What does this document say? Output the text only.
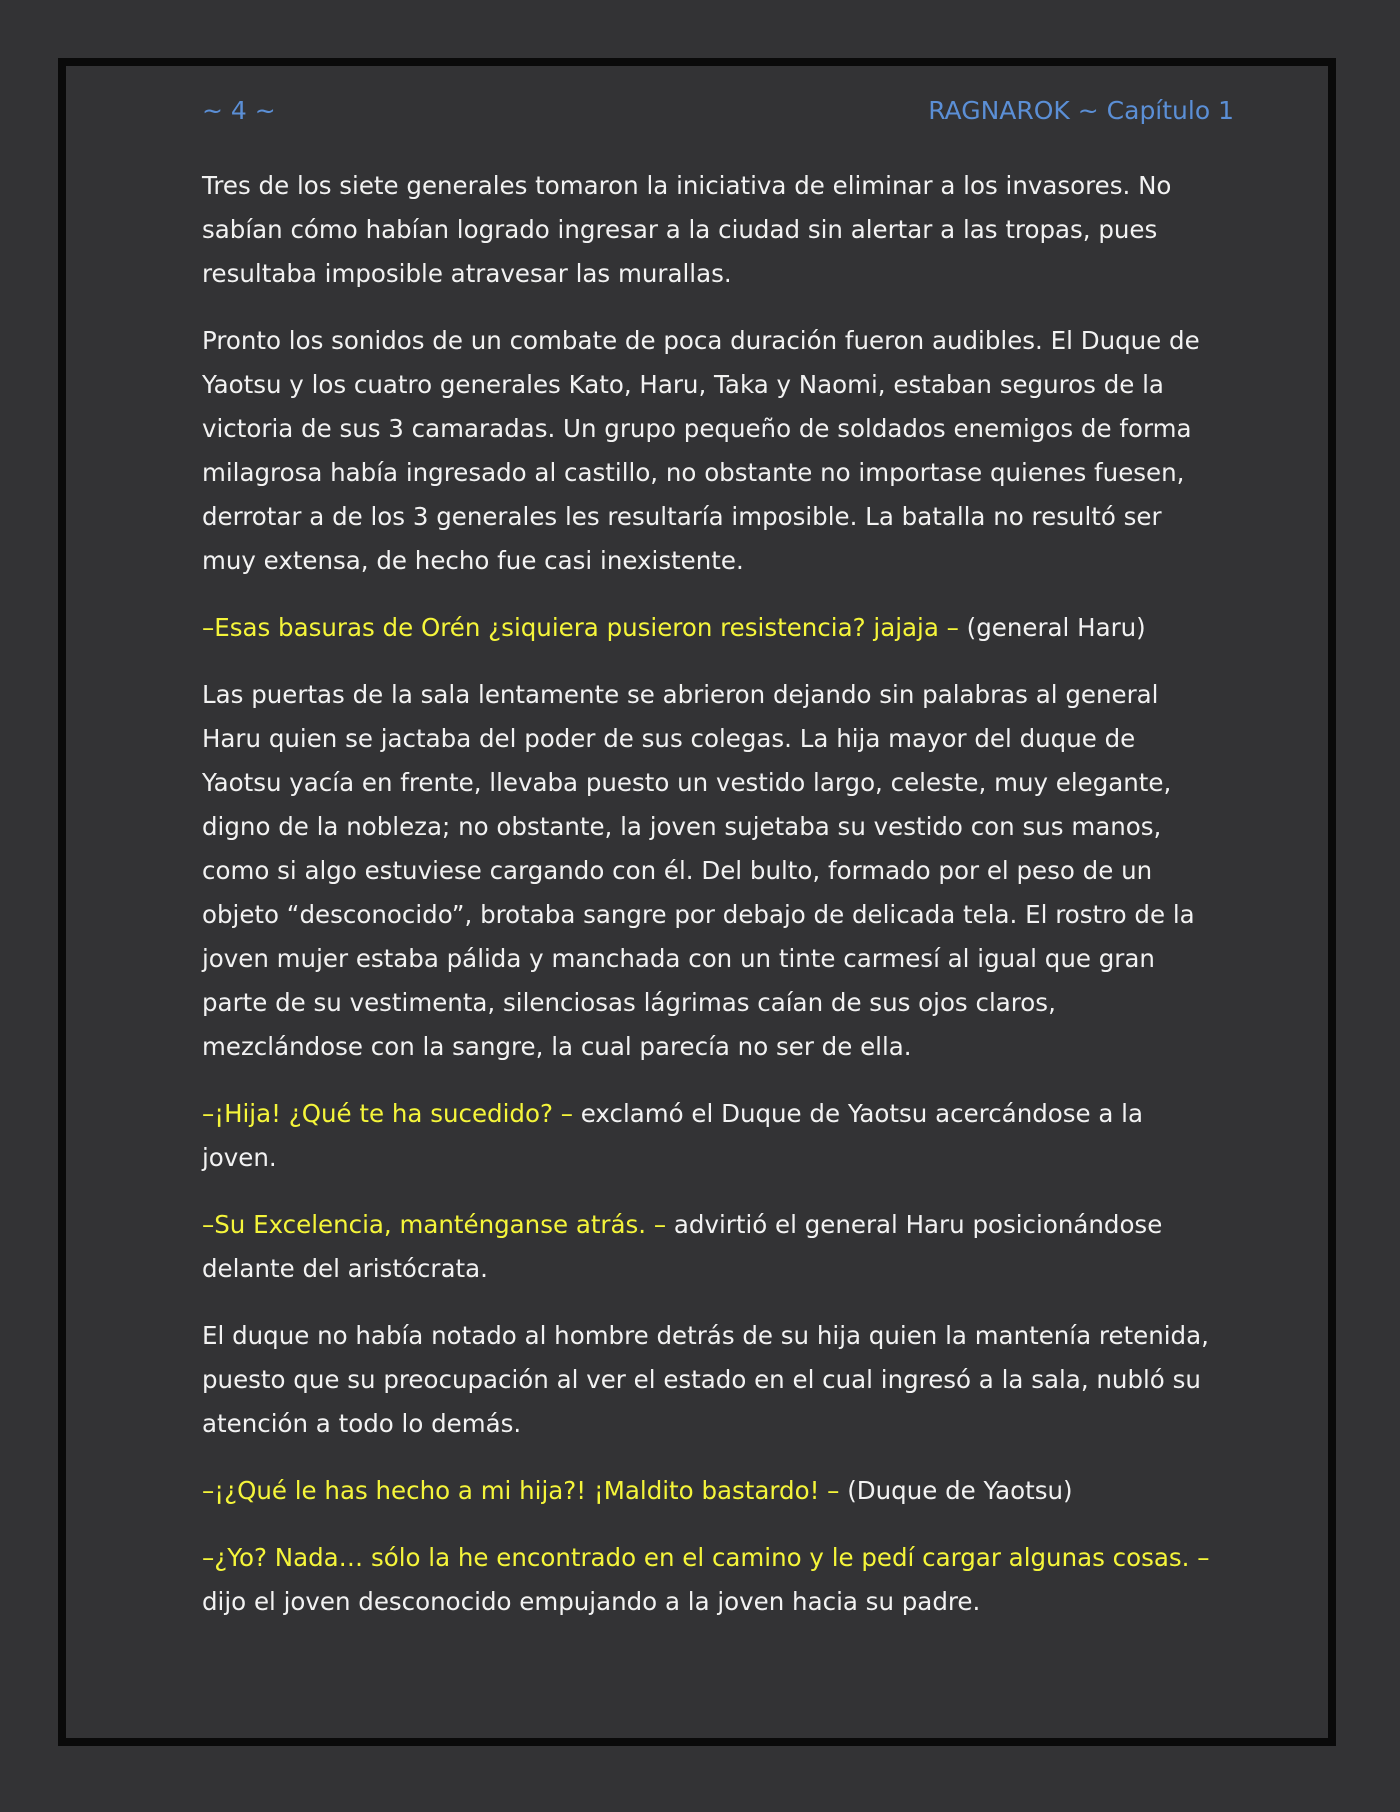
~ 4 ~	RAGNAROK ~ Capítulo 1

Tres de los siete generales tomaron la iniciativa de eliminar a los invasores. No sabían cómo habían logrado ingresar a la ciudad sin alertar a las tropas, pues resultaba imposible atravesar las murallas.

Pronto los sonidos de un combate de poca duración fueron audibles. El Duque de Yaotsu y los cuatro generales Kato, Haru, Taka y Naomi, estaban seguros de la victoria de sus 3 camaradas. Un grupo pequeño de soldados enemigos de forma milagrosa había ingresado al castillo, no obstante no importase quienes fuesen, derrotar a de los 3 generales les resultaría imposible. La batalla no resultó ser muy extensa, de hecho fue casi inexistente.

–Esas basuras de Orén ¿siquiera pusieron resistencia? jajaja – (general Haru)

Las puertas de la sala lentamente se abrieron dejando sin palabras al general Haru quien se jactaba del poder de sus colegas. La hija mayor del duque de Yaotsu yacía en frente, llevaba puesto un vestido largo, celeste, muy elegante, digno de la nobleza; no obstante, la joven sujetaba su vestido con sus manos, como si algo estuviese cargando con él. Del bulto, formado por el peso de un objeto “desconocido”, brotaba sangre por debajo de delicada tela. El rostro de la joven mujer estaba pálida y manchada con un tinte carmesí al igual que gran parte de su vestimenta, silenciosas lágrimas caían de sus ojos claros, mezclándose con la sangre, la cual parecía no ser de ella.

–¡Hija! ¿Qué te ha sucedido? – exclamó el Duque de Yaotsu acercándose a la joven.

–Su Excelencia, manténganse atrás. – advirtió el general Haru posicionándose delante del aristócrata.

El duque no había notado al hombre detrás de su hija quien la mantenía retenida, puesto que su preocupación al ver el estado en el cual ingresó a la sala, nubló su atención a todo lo demás.

–¡¿Qué le has hecho a mi hija?! ¡Maldito bastardo! – (Duque de Yaotsu)

–¿Yo? Nada… sólo la he encontrado en el camino y le pedí cargar algunas cosas. – dijo el joven desconocido empujando a la joven hacia su padre.
